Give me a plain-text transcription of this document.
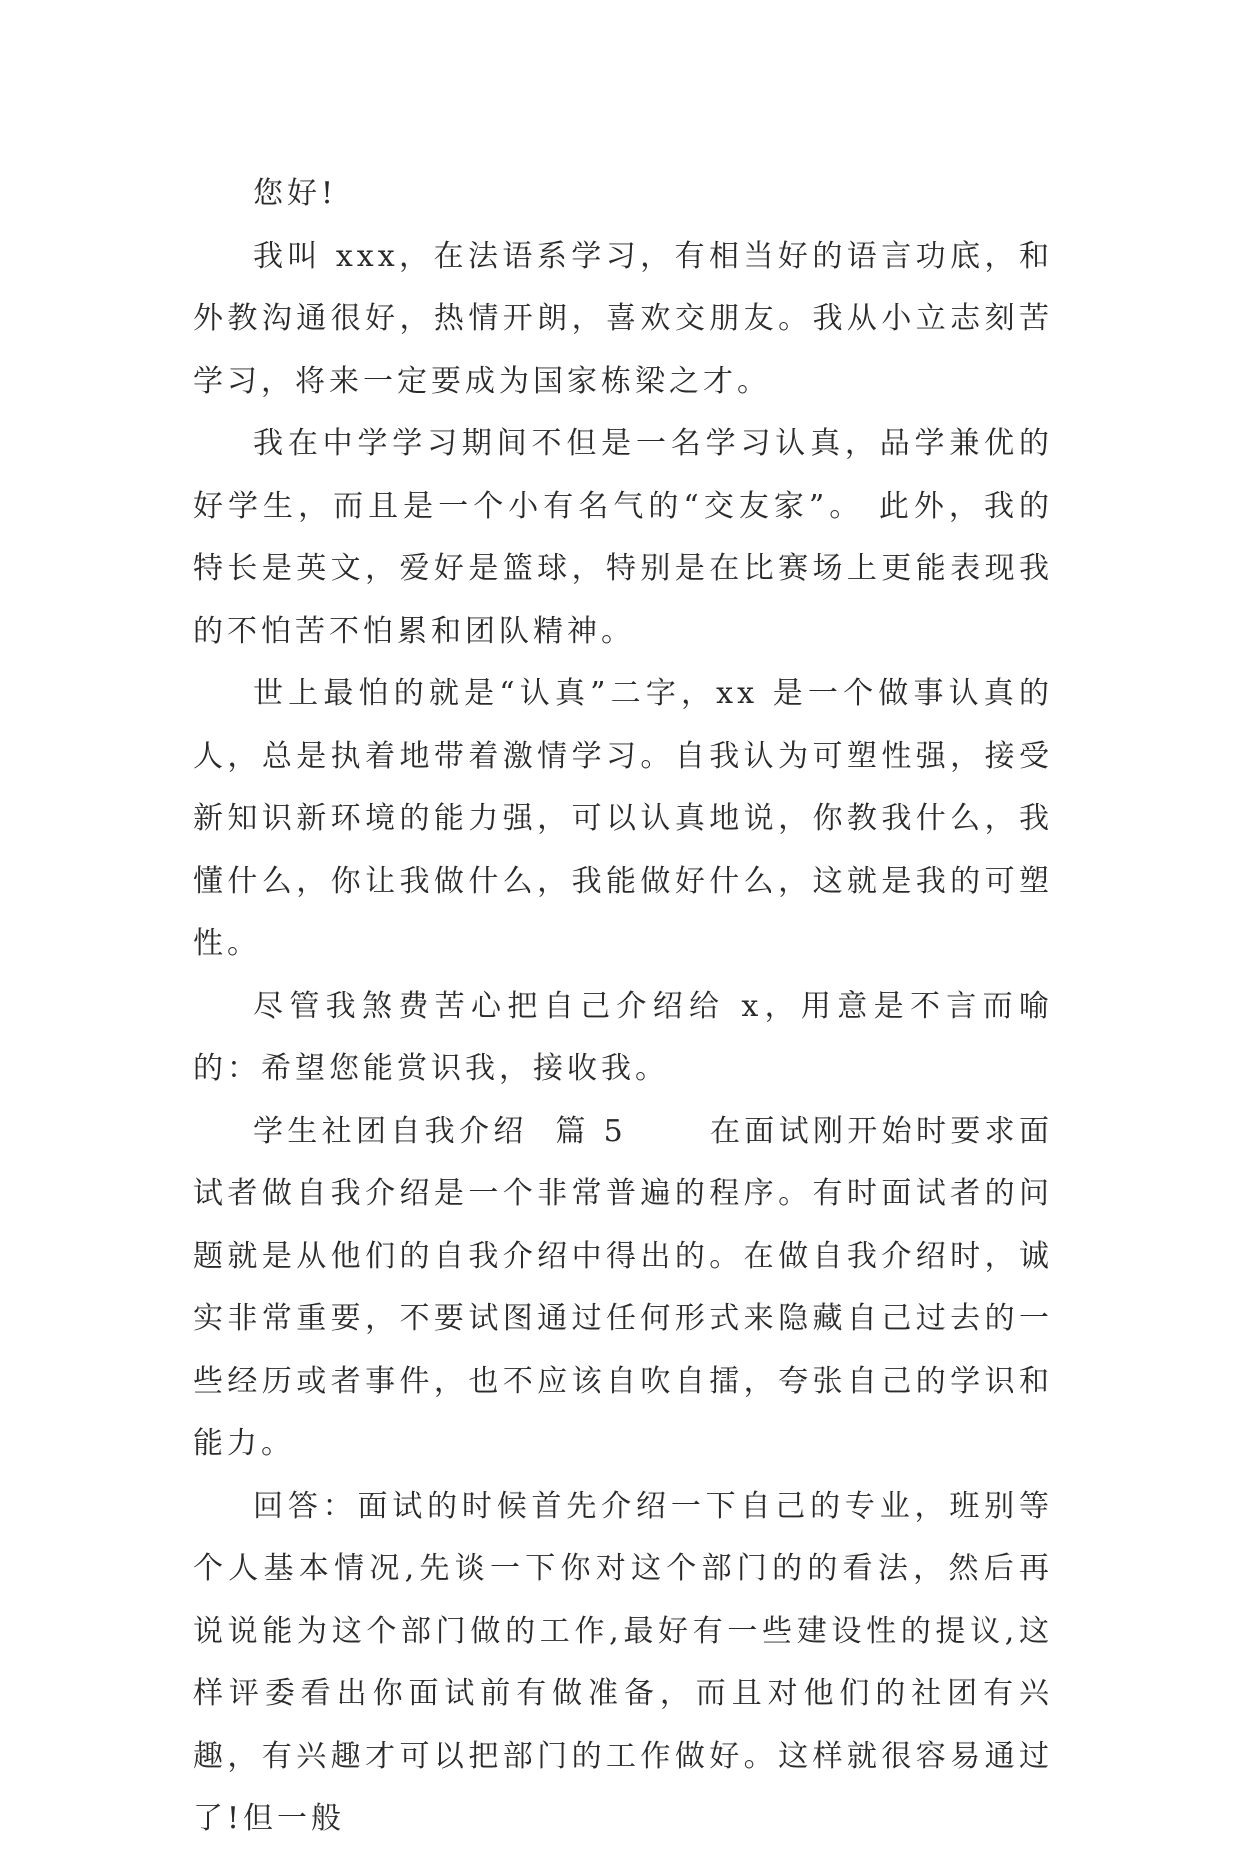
您好!

我叫 xxx，在法语系学习，有相当好的语言功底，和外教沟通很好，热情开朗，喜欢交朋友。我从小立志刻苦学习，将来一定要成为国家栋梁之才。

我在中学学习期间不但是一名学习认真，品学兼优的好学生，而且是一个小有名气的“交友家”。 此外，我的特长是英文，爱好是篮球，特别是在比赛场上更能表现我的不怕苦不怕累和团队精神。

世上最怕的就是“认真”二字，xx 是一个做事认真的人，总是执着地带着激情学习。自我认为可塑性强，接受新知识新环境的能力强，可以认真地说，你教我什么，我懂什么，你让我做什么，我能做好什么，这就是我的可塑性。

尽管我煞费苦心把自己介绍给 x，用意是不言而喻的：希望您能赏识我，接收我。

学生社团自我介绍  篇 5      在面试刚开始时要求面试者做自我介绍是一个非常普遍的程序。有时面试者的问题就是从他们的自我介绍中得出的。在做自我介绍时，诚实非常重要，不要试图通过任何形式来隐藏自己过去的一些经历或者事件，也不应该自吹自擂，夸张自己的学识和能力。

回答：面试的时候首先介绍一下自己的专业，班别等个人基本情况,先谈一下你对这个部门的的看法，然后再说说能为这个部门做的工作,最好有一些建设性的提议,这样评委看出你面试前有做准备，而且对他们的社团有兴趣，有兴趣才可以把部门的工作做好。这样就很容易通过了!但一般
